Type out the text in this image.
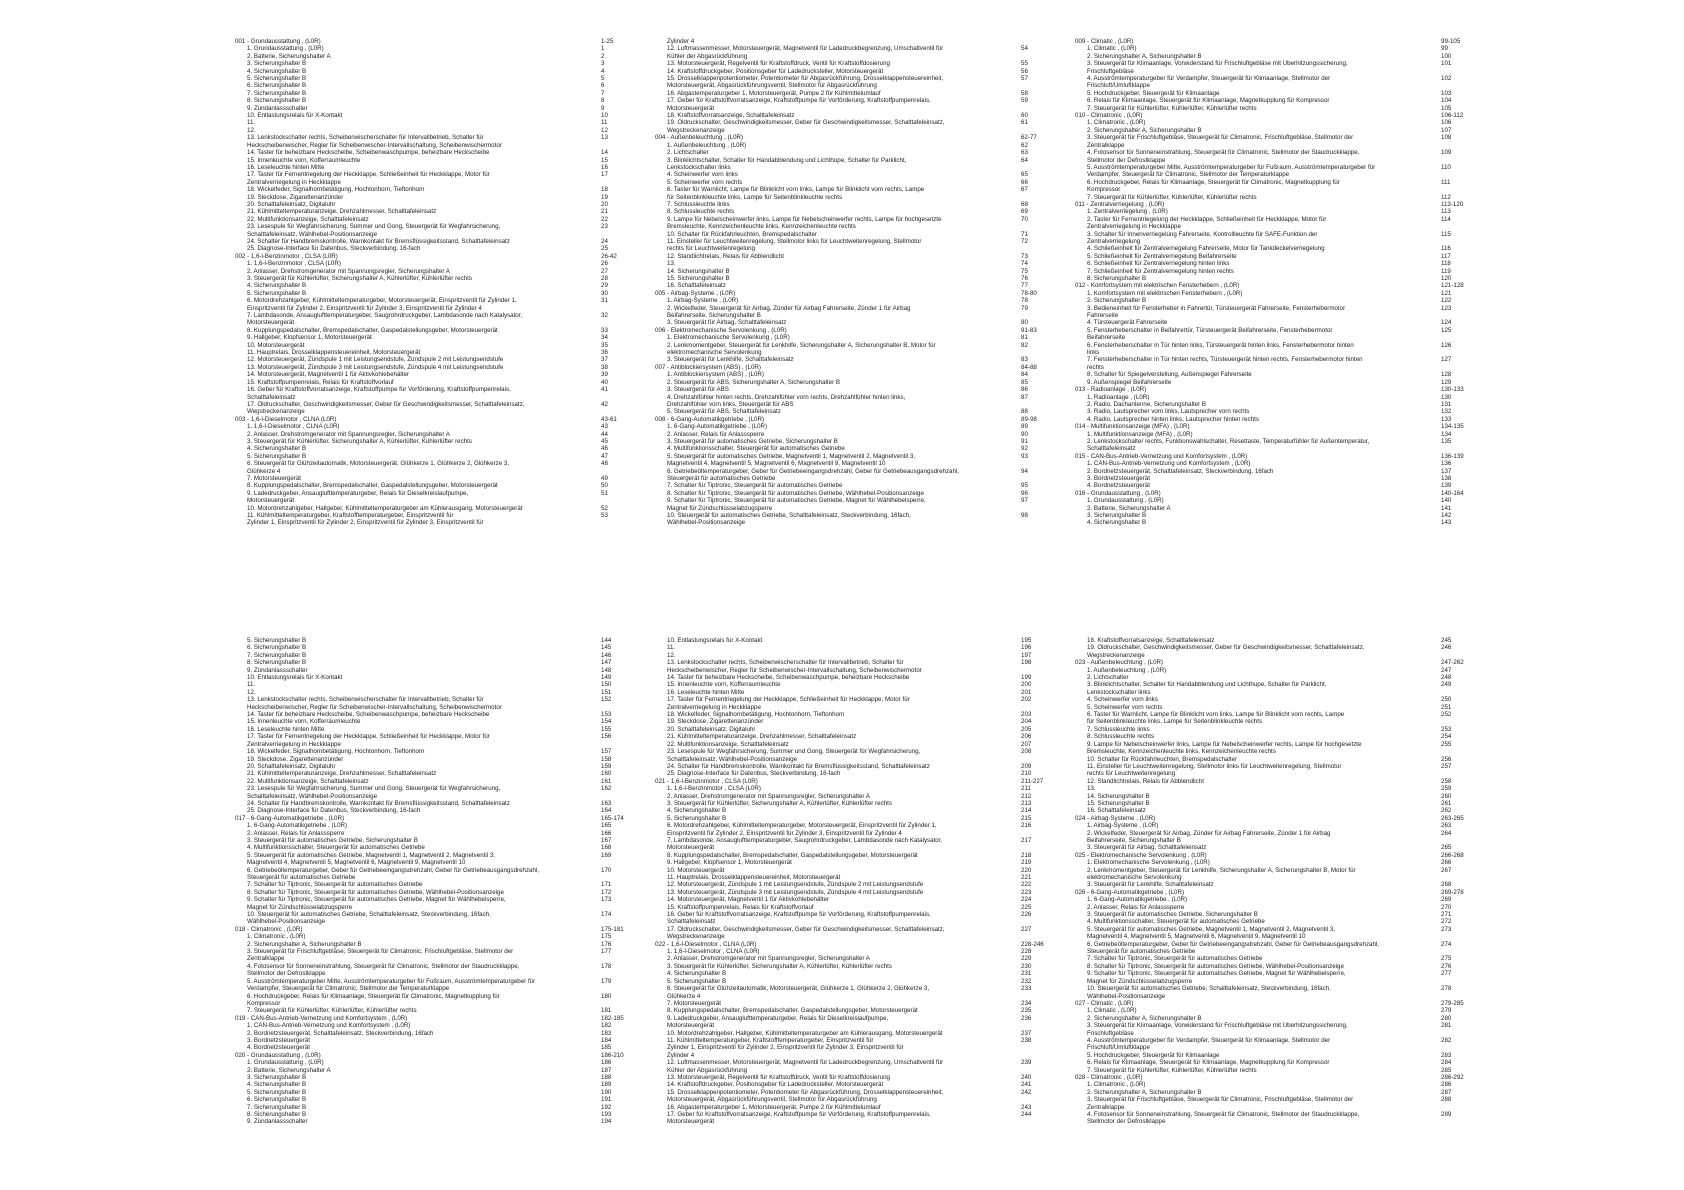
001 - Grundausstattung , (L0R)	1-25
1. Grundausstattung , (L0R)	1
2. Batterie, Sicherungshalter A	2
3. Sicherungshalter B	3
4. Sicherungshalter B	4
5. Sicherungshalter B	5
6. Sicherungshalter B	6
7. Sicherungshalter B	7
8. Sicherungshalter B	8
9. Zündanlassschalter	9
10. Entlastungsrelais für X-Kontakt	10
11.	11
12.	12
13. Lenkstockschalter rechts, Scheibenwischerschalter für Intervallbetrieb, Schalter für	13
Heckscheibenwischer, Regler für Scheibenwischer-Intervallschaltung, Scheibenwischermotor
14. Taster für beheizbare Heckscheibe, Scheibenwaschpumpe, beheizbare Heckscheibe	14
15. Innenleuchte vorn, Kofferraumleuchte	15
16. Leseleuchte hinten Mitte	16
17. Taster für Fernentriegelung der Heckklappe, Schließeinheit für Heckklappe, Motor für	17
Zentralverriegelung in Heckklappe
18. Wickelfeder, Signalhornbetätigung, Hochtonhorn, Tieftonhorn	18
19. Steckdose, Zigarettenanzünder	19
20. Schalttafeleinsatz, Digitaluhr	20
21. Kühlmitteltemperaturanzeige, Drehzahlmesser, Schalttafeleinsatz	21
22. Multifunktionsanzeige, Schalttafeleinsatz	22
23. Lesespule für Wegfahrsicherung, Summer und Gong, Steuergerät für Wegfahrsicherung,	23
Schalttafeleinsatz, Wählhebel-Positionsanzeige
24. Schalter für Handbremskontrolle, Warnkontakt für Bremsflüssigkeitsstand, Schalttafeleinsatz	24
25. Diagnose-Interface für Datenbus, Steckverbindung, 16-fach	25
002 - 1,6-l-Benzinmotor , CLSA (L0R)	26-42
1. 1,6-l-Benzinmotor , CLSA (L0R)	26
2. Anlasser, Drehstromgenerator mit Spannungsregler, Sicherungshalter A	27
3. Steuergerät für Kühlerlüfter, Sicherungshalter A, Kühlerlüfter, Kühlerlüfter rechts	28
4. Sicherungshalter B	29
5. Sicherungshalter B	30
6. Motordrehzahlgeber, Kühlmitteltemperaturgeber, Motorsteuergerät, Einspritzventil für Zylinder 1,	31
Einspritzventil für Zylinder 2, Einspritzventil für Zylinder 3, Einspritzventil für Zylinder 4
7. Lambdasonde, Ansauglufttemperaturgeber, Saugrohrdruckgeber, Lambdasonde nach Katalysator,	32
Motorsteuergerät
8. Kupplungspedalschalter, Bremspedalschalter, Gaspedalstellungsgeber, Motorsteuergerät	33
9. Hallgeber, Klopfsensor 1, Motorsteuergerät	34
10. Motorsteuergerät	35
11. Hauptrelais, Drosselklappensteuereinheit, Motorsteuergerät	36
12. Motorsteuergerät, Zündspule 1 mit Leistungsendstufe, Zündspule 2 mit Leistungsendstufe	37
13. Motorsteuergerät, Zündspule 3 mit Leistungsendstufe, Zündspule 4 mit Leistungsendstufe	38
14. Motorsteuergerät, Magnetventil 1 für Aktivkohlebehälter	39
15. Kraftstoffpumpenrelais, Relais für Kraftstoffvorlauf	40
16. Geber für Kraftstoffvorratsanzeige, Kraftstoffpumpe für Vorförderung, Kraftstoffpumpenrelais,	41
Schalttafeleinsatz
17. Öldruckschalter, Geschwindigkeitsmesser, Geber für Geschwindigkeitsmesser, Schalttafeleinsatz,	42
Wegstreckenanzeige
003 - 1,6-l-Dieselmotor , CLNA (L0R)	43-61
1. 1,6-l-Dieselmotor , CLNA (L0R)	43
2. Anlasser, Drehstromgenerator mit Spannungsregler, Sicherungshalter A	44
3. Steuergerät für Kühlerlüfter, Sicherungshalter A, Kühlerlüfter, Kühlerlüfter rechts	45
4. Sicherungshalter B	46
5. Sicherungshalter B	47
6. Steuergerät für Glühzeitautomatik, Motorsteuergerät, Glühkerze 1, Glühkerze 2, Glühkerze 3,	48
Glühkerze 4
7. Motorsteuergerät	49
8. Kupplungspedalschalter, Bremspedalschalter, Gaspedalstellungsgeber, Motorsteuergerät	50
9. Ladedruckgeber, Ansauglufttemperaturgeber, Relais für Dieselkreislaufpumpe,	51
Motorsteuergerät
10. Motordrehzahlgeber, Hallgeber, Kühlmitteltemperaturgeber am Kühlerausgang, Motorsteuergerät	52
11. Kühlmitteltemperaturgeber, Kraftstofftemperaturgeber, Einspritzventil für	53
Zylinder 1, Einspritzventil für Zylinder 2, Einspritzventil für Zylinder 3, Einspritzventil für
Zylinder 4
12. Luftmassenmesser, Motorsteuergerät, Magnetventil für Ladedruckbegrenzung, Umschaltventil für	54
Kühler der Abgasrückführung
13. Motorsteuergerät, Regelventil für Kraftstoffdruck, Ventil für Kraftstoffdosierung	55
14. Kraftstoffdruckgeber, Positionsgeber für Ladedrucksteller, Motorsteuergerät	56
15. Drosselklappenpotentiometer, Potentiometer für Abgasrückführung, Drosselklappensteuereinheit,	57
Motorsteuergerät, Abgasrückführungsventil, Stellmotor für Abgasrückführung
16. Abgastemperaturgeber 1, Motorsteuergerät, Pumpe 2 für Kühlmittelumlauf	58
17. Geber für Kraftstoffvorratsanzeige, Kraftstoffpumpe für Vorförderung, Kraftstoffpumpenrelais,	59
Motorsteuergerät
18. Kraftstoffvorratsanzeige, Schalttafeleinsatz	60
19. Öldruckschalter, Geschwindigkeitsmesser, Geber für Geschwindigkeitsmesser, Schalttafeleinsatz,	61
Wegstreckenanzeige
004 - Außenbeleuchtung , (L0R)	62-77
1. Außenbeleuchtung , (L0R)	62
2. Lichtschalter	63
3. Blinklichtschalter, Schalter für Handabblendung und Lichthupe, Schalter für Parklicht,	64
Lenkstockschalter links
4. Scheinwerfer vorn links	65
5. Scheinwerfer vorn rechts	66
6. Taster für Warnlicht, Lampe für Blinklicht vorn links, Lampe für Blinklicht vorn rechts, Lampe	67
für Seitenblinkleuchte links, Lampe für Seitenblinkleuchte rechts
7. Schlussleuchte links	68
8. Schlussleuchte rechts	69
9. Lampe für Nebelscheinwerfer links, Lampe für Nebelscheinwerfer rechts, Lampe für hochgesetzte	70
Bremsleuchte, Kennzeichenleuchte links, Kennzeichenleuchte rechts
10. Schalter für Rückfahrleuchten, Bremspedalschalter	71
11. Einsteller für Leuchtweitenregelung, Stellmotor links für Leuchtweitenregelung, Stellmotor	72
rechts für Leuchtweitenregelung
12. Standlichtrelais, Relais für Abblendlicht	73
13.	74
14. Sicherungshalter B	75
15. Sicherungshalter B	76
16. Schalttafeleinsatz	77
005 - Airbag-Systeme , (L0R)	78-80
1. Airbag-Systeme , (L0R)	78
2. Wickelfeder, Steuergerät für Airbag, Zünder für Airbag Fahrerseite, Zünder 1 für Airbag	79
Beifahrerseite, Sicherungshalter B
3. Steuergerät für Airbag, Schalttafeleinsatz	80
006 - Elektromechanische Servolenkung , (L0R)	81-83
1. Elektromechanische Servolenkung , (L0R)	81
2. Lenkmomentgeber, Steuergerät für Lenkhilfe, Sicherungshalter A, Sicherungshalter B, Motor für	82
elektromechanische Servolenkung
3. Steuergerät für Lenkhilfe, Schalttafeleinsatz	83
007 - Antiblockiersystem (ABS) , (L0R)	84-88
1. Antiblockiersystem (ABS) , (L0R)	84
2. Steuergerät für ABS, Sicherungshalter A, Sicherungshalter B	85
3. Steuergerät für ABS	86
4. Drehzahlfühler hinten rechts, Drehzahlfühler vorn rechts, Drehzahlfühler hinten links,	87
Drehzahlfühler vorn links, Steuergerät für ABS
5. Steuergerät für ABS, Schalttafeleinsatz	88
008 - 6-Gang-Automatikgetriebe , (L0R)	89-98
1. 6-Gang-Automatikgetriebe , (L0R)	89
2. Anlasser, Relais für Anlasssperre	90
3. Steuergerät für automatisches Getriebe, Sicherungshalter B	91
4. Multifunktionsschalter, Steuergerät für automatisches Getriebe	92
5. Steuergerät für automatisches Getriebe, Magnetventil 1, Magnetventil 2, Magnetventil 3,	93
Magnetventil 4, Magnetventil 5, Magnetventil 6, Magnetventil 9, Magnetventil 10
6. Getriebeöltemperaturgeber, Geber für Getriebeeingangsdrehzahl, Geber für Getriebeausgangsdrehzahl,	94
Steuergerät für automatisches Getriebe
7. Schalter für Tiptronic, Steuergerät für automatisches Getriebe	95
8. Schalter für Tiptronic, Steuergerät für automatisches Getriebe, Wählhebel-Positionsanzeige	96
9. Schalter für Tiptronic, Steuergerät für automatisches Getriebe, Magnet für Wählhebelsperre,	97
Magnet für Zündschlüsselabzugsperre
10. Steuergerät für automatisches Getriebe, Schalttafeleinsatz, Steckverbindung, 16fach,	98
Wählhebel-Positionsanzeige
009 - Climatic , (L0R)	99-105
1. Climatic , (L0R)	99
2. Sicherungshalter A, Sicherungshalter B	100
3. Steuergerät für Klimaanlage, Vorwiderstand für Frischluftgebläse mit Überhitzungssicherung,	101
Frischluftgebläse
4. Ausströmtemperaturgeber für Verdampfer, Steuergerät für Klimaanlage, Stellmotor der	102
Frischluft/Umluftklappe
5. Hochdruckgeber, Steuergerät für Klimaanlage	103
6. Relais für Klimaanlage, Steuergerät für Klimaanlage, Magnetkupplung für Kompressor	104
7. Steuergerät für Kühlerlüfter, Kühlerlüfter, Kühlerlüfter rechts	105
010 - Climatronic , (L0R)	106-112
1. Climatronic , (L0R)	106
2. Sicherungshalter A, Sicherungshalter B	107
3. Steuergerät für Frischluftgebläse, Steuergerät für Climatronic, Frischluftgebläse, Stellmotor der	108
Zentralklappe
4. Fotosensor für Sonneneinstrahlung, Steuergerät für Climatronic, Stellmotor der Staudruckklappe,	109
Stellmotor der Defrostklappe
5. Ausströmtemperaturgeber Mitte, Ausströmtemperaturgeber für Fußraum, Ausströmtemperaturgeber für	110
Verdampfer, Steuergerät für Climatronic, Stellmotor der Temperaturklappe
6. Hochdruckgeber, Relais für Klimaanlage, Steuergerät für Climatronic, Magnetkupplung für	111
Kompressor
7. Steuergerät für Kühlerlüfter, Kühlerlüfter, Kühlerlüfter rechts	112
011 - Zentralverriegelung , (L0R)	113-120
1. Zentralverriegelung , (L0R)	113
2. Taster für Fernentriegelung der Heckklappe, Schließeinheit für Heckklappe, Motor für	114
Zentralverriegelung in Heckklappe
3. Schalter für Innenverriegelung Fahrerseite, Kontrollleuchte für SAFE-Funktion der	115
Zentralverriegelung
4. Schließeinheit für Zentralverriegelung Fahrerseite, Motor für Tankdeckelverriegelung	116
5. Schließeinheit für Zentralverriegelung Beifahrerseite	117
6. Schließeinheit für Zentralverriegelung hinten links	118
7. Schließeinheit für Zentralverriegelung hinten rechts	119
8. Sicherungshalter B	120
012 - Komfortsystem mit elektrischen Fensterhebern , (L0R)	121-128
1. Komfortsystem mit elektrischen Fensterhebern , (L0R)	121
2. Sicherungshalter B	122
3. Bedieneinheit für Fensterheber in Fahrertür, Türsteuergerät Fahrerseite, Fensterhebermotor	123
Fahrerseite
4. Türsteuergerät Fahrerseite	124
5. Fensterheberschalter in Beifahrertür, Türsteuergerät Beifahrerseite, Fensterhebermotor	125
Beifahrerseite
6. Fensterheberschalter in Tür hinten links, Türsteuergerät hinten links, Fensterhebermotor hinten	126
links
7. Fensterheberschalter in Tür hinten rechts, Türsteuergerät hinten rechts, Fensterhebermotor hinten	127
rechts
8. Schalter für Spiegelverstellung, Außenspiegel Fahrerseite	128
9. Außenspiegel Beifahrerseite	129
013 - Radioanlage , (L0R)	130-133
1. Radioanlage , (L0R)	130
2. Radio, Dachantenne, Sicherungshalter B	131
3. Radio, Lautsprecher vorn links, Lautsprecher vorn rechts	132
4. Radio, Lautsprecher hinten links, Lautsprecher hinten rechts	133
014 - Multifunktionsanzeige (MFA) , (L0R)	134-135
1. Multifunktionsanzeige (MFA) , (L0R)	134
2. Lenkstockschalter rechts, Funktionswahlschalter, Resettaste, Temperaturfühler für Außentemperatur,	135
Schalttafeleinsatz
015 - CAN-Bus-Antrieb-Vernetzung und Komfortsystem , (L0R)	136-139
1. CAN-Bus-Antrieb-Vernetzung und Komfortsystem , (L0R)	136
2. Bordnetzsteuergerät, Schalttafeleinsatz, Steckverbindung, 16fach	137
3. Bordnetzsteuergerät	138
4. Bordnetzsteuergerät	139
016 - Grundausstattung , (L0R)	140-164
1. Grundausstattung , (L0R)	140
2. Batterie, Sicherungshalter A	141
3. Sicherungshalter B	142
4. Sicherungshalter B	143
5. Sicherungshalter B	144
6. Sicherungshalter B	145
7. Sicherungshalter B	146
8. Sicherungshalter B	147
9. Zündanlassschalter	148
10. Entlastungsrelais für X-Kontakt	149
11.	150
12.	151
13. Lenkstockschalter rechts, Scheibenwischerschalter für Intervallbetrieb, Schalter für	152
Heckscheibenwischer, Regler für Scheibenwischer-Intervallschaltung, Scheibenwischermotor
14. Taster für beheizbare Heckscheibe, Scheibenwaschpumpe, beheizbare Heckscheibe	153
15. Innenleuchte vorn, Kofferraumleuchte	154
16. Leseleuchte hinten Mitte	155
17. Taster für Fernentriegelung der Heckklappe, Schließeinheit für Heckklappe, Motor für	156
Zentralverriegelung in Heckklappe
18. Wickelfeder, Signalhornbetätigung, Hochtonhorn, Tieftonhorn	157
19. Steckdose, Zigarettenanzünder	158
20. Schalttafeleinsatz, Digitaluhr	159
21. Kühlmitteltemperaturanzeige, Drehzahlmesser, Schalttafeleinsatz	160
22. Multifunktionsanzeige, Schalttafeleinsatz	161
23. Lesespule für Wegfahrsicherung, Summer und Gong, Steuergerät für Wegfahrsicherung,	162
Schalttafeleinsatz, Wählhebel-Positionsanzeige
24. Schalter für Handbremskontrolle, Warnkontakt für Bremsflüssigkeitsstand, Schalttafeleinsatz	163
25. Diagnose-Interface für Datenbus, Steckverbindung, 16-fach	164
017 - 6-Gang-Automatikgetriebe , (L0R)	165-174
1. 6-Gang-Automatikgetriebe , (L0R)	165
2. Anlasser, Relais für Anlasssperre	166
3. Steuergerät für automatisches Getriebe, Sicherungshalter B	167
4. Multifunktionsschalter, Steuergerät für automatisches Getriebe	168
5. Steuergerät für automatisches Getriebe, Magnetventil 1, Magnetventil 2, Magnetventil 3,	169
Magnetventil 4, Magnetventil 5, Magnetventil 6, Magnetventil 9, Magnetventil 10
6. Getriebeöltemperaturgeber, Geber für Getriebeeingangsdrehzahl, Geber für Getriebeausgangsdrehzahl,	170
Steuergerät für automatisches Getriebe
7. Schalter für Tiptronic, Steuergerät für automatisches Getriebe	171
8. Schalter für Tiptronic, Steuergerät für automatisches Getriebe, Wählhebel-Positionsanzeige	172
9. Schalter für Tiptronic, Steuergerät für automatisches Getriebe, Magnet für Wählhebelsperre,	173
Magnet für Zündschlüsselabzugsperre
10. Steuergerät für automatisches Getriebe, Schalttafeleinsatz, Steckverbindung, 16fach,	174
Wählhebel-Positionsanzeige
018 - Climatronic , (L0R)	175-181
1. Climatronic , (L0R)	175
2. Sicherungshalter A, Sicherungshalter B	176
3. Steuergerät für Frischluftgebläse, Steuergerät für Climatronic, Frischluftgebläse, Stellmotor der	177
Zentralklappe
4. Fotosensor für Sonneneinstrahlung, Steuergerät für Climatronic, Stellmotor der Staudruckklappe,	178
Stellmotor der Defrostklappe
5. Ausströmtemperaturgeber Mitte, Ausströmtemperaturgeber für Fußraum, Ausströmtemperaturgeber für	179
Verdampfer, Steuergerät für Climatronic, Stellmotor der Temperaturklappe
6. Hochdruckgeber, Relais für Klimaanlage, Steuergerät für Climatronic, Magnetkupplung für	180
Kompressor
7. Steuergerät für Kühlerlüfter, Kühlerlüfter, Kühlerlüfter rechts	181
019 - CAN-Bus-Antrieb-Vernetzung und Komfortsystem , (L0R)	182-185
1. CAN-Bus-Antrieb-Vernetzung und Komfortsystem , (L0R)	182
2. Bordnetzsteuergerät, Schalttafeleinsatz, Steckverbindung, 16fach	183
3. Bordnetzsteuergerät	184
4. Bordnetzsteuergerät	185
020 - Grundausstattung , (L0R)	186-210
1. Grundausstattung , (L0R)	186
2. Batterie, Sicherungshalter A	187
3. Sicherungshalter B	188
4. Sicherungshalter B	189
5. Sicherungshalter B	190
6. Sicherungshalter B	191
7. Sicherungshalter B	192
8. Sicherungshalter B	193
9. Zündanlassschalter	194
10. Entlastungsrelais für X-Kontakt	195
11.	196
12.	197
13. Lenkstockschalter rechts, Scheibenwischerschalter für Intervallbetrieb, Schalter für	198
Heckscheibenwischer, Regler für Scheibenwischer-Intervallschaltung, Scheibenwischermotor
14. Taster für beheizbare Heckscheibe, Scheibenwaschpumpe, beheizbare Heckscheibe	199
15. Innenleuchte vorn, Kofferraumleuchte	200
16. Leseleuchte hinten Mitte	201
17. Taster für Fernentriegelung der Heckklappe, Schließeinheit für Heckklappe, Motor für	202
Zentralverriegelung in Heckklappe
18. Wickelfeder, Signalhornbetätigung, Hochtonhorn, Tieftonhorn	203
19. Steckdose, Zigarettenanzünder	204
20. Schalttafeleinsatz, Digitaluhr	205
21. Kühlmitteltemperaturanzeige, Drehzahlmesser, Schalttafeleinsatz	206
22. Multifunktionsanzeige, Schalttafeleinsatz	207
23. Lesespule für Wegfahrsicherung, Summer und Gong, Steuergerät für Wegfahrsicherung,	208
Schalttafeleinsatz, Wählhebel-Positionsanzeige
24. Schalter für Handbremskontrolle, Warnkontakt für Bremsflüssigkeitsstand, Schalttafeleinsatz	209
25. Diagnose-Interface für Datenbus, Steckverbindung, 16-fach	210
021 - 1,6-l-Benzinmotor , CLSA (L0R)	211-227
1. 1,6-l-Benzinmotor , CLSA (L0R)	211
2. Anlasser, Drehstromgenerator mit Spannungsregler, Sicherungshalter A	212
3. Steuergerät für Kühlerlüfter, Sicherungshalter A, Kühlerlüfter, Kühlerlüfter rechts	213
4. Sicherungshalter B	214
5. Sicherungshalter B	215
6. Motordrehzahlgeber, Kühlmitteltemperaturgeber, Motorsteuergerät, Einspritzventil für Zylinder 1,	216
Einspritzventil für Zylinder 2, Einspritzventil für Zylinder 3, Einspritzventil für Zylinder 4
7. Lambdasonde, Ansauglufttemperaturgeber, Saugrohrdruckgeber, Lambdasonde nach Katalysator,	217
Motorsteuergerät
8. Kupplungspedalschalter, Bremspedalschalter, Gaspedalstellungsgeber, Motorsteuergerät	218
9. Hallgeber, Klopfsensor 1, Motorsteuergerät	219
10. Motorsteuergerät	220
11. Hauptrelais, Drosselklappensteuereinheit, Motorsteuergerät	221
12. Motorsteuergerät, Zündspule 1 mit Leistungsendstufe, Zündspule 2 mit Leistungsendstufe	222
13. Motorsteuergerät, Zündspule 3 mit Leistungsendstufe, Zündspule 4 mit Leistungsendstufe	223
14. Motorsteuergerät, Magnetventil 1 für Aktivkohlebehälter	224
15. Kraftstoffpumpenrelais, Relais für Kraftstoffvorlauf	225
16. Geber für Kraftstoffvorratsanzeige, Kraftstoffpumpe für Vorförderung, Kraftstoffpumpenrelais,	226
Schalttafeleinsatz
17. Öldruckschalter, Geschwindigkeitsmesser, Geber für Geschwindigkeitsmesser, Schalttafeleinsatz,	227
Wegstreckenanzeige
022 - 1,6-l-Dieselmotor , CLNA (L0R)	228-246
1. 1,6-l-Dieselmotor , CLNA (L0R)	228
2. Anlasser, Drehstromgenerator mit Spannungsregler, Sicherungshalter A	229
3. Steuergerät für Kühlerlüfter, Sicherungshalter A, Kühlerlüfter, Kühlerlüfter rechts	230
4. Sicherungshalter B	231
5. Sicherungshalter B	232
6. Steuergerät für Glühzeitautomatik, Motorsteuergerät, Glühkerze 1, Glühkerze 2, Glühkerze 3,	233
Glühkerze 4
7. Motorsteuergerät	234
8. Kupplungspedalschalter, Bremspedalschalter, Gaspedalstellungsgeber, Motorsteuergerät	235
9. Ladedruckgeber, Ansauglufttemperaturgeber, Relais für Dieselkreislaufpumpe,	236
Motorsteuergerät
10. Motordrehzahlgeber, Hallgeber, Kühlmitteltemperaturgeber am Kühlerausgang, Motorsteuergerät	237
11. Kühlmitteltemperaturgeber, Kraftstofftemperaturgeber, Einspritzventil für	238
Zylinder 1, Einspritzventil für Zylinder 2, Einspritzventil für Zylinder 3, Einspritzventil für
Zylinder 4
12. Luftmassenmesser, Motorsteuergerät, Magnetventil für Ladedruckbegrenzung, Umschaltventil für	239
Kühler der Abgasrückführung
13. Motorsteuergerät, Regelventil für Kraftstoffdruck, Ventil für Kraftstoffdosierung	240
14. Kraftstoffdruckgeber, Positionsgeber für Ladedrucksteller, Motorsteuergerät	241
15. Drosselklappenpotentiometer, Potentiometer für Abgasrückführung, Drosselklappensteuereinheit,	242
Motorsteuergerät, Abgasrückführungsventil, Stellmotor für Abgasrückführung
16. Abgastemperaturgeber 1, Motorsteuergerät, Pumpe 2 für Kühlmittelumlauf	243
17. Geber für Kraftstoffvorratsanzeige, Kraftstoffpumpe für Vorförderung, Kraftstoffpumpenrelais,	244
Motorsteuergerät
18. Kraftstoffvorratsanzeige, Schalttafeleinsatz	245
19. Öldruckschalter, Geschwindigkeitsmesser, Geber für Geschwindigkeitsmesser, Schalttafeleinsatz,	246
Wegstreckenanzeige
023 - Außenbeleuchtung , (L0R)	247-262
1. Außenbeleuchtung , (L0R)	247
2. Lichtschalter	248
3. Blinklichtschalter, Schalter für Handabblendung und Lichthupe, Schalter für Parklicht,	249
Lenkstockschalter links
4. Scheinwerfer vorn links	250
5. Scheinwerfer vorn rechts	251
6. Taster für Warnlicht, Lampe für Blinklicht vorn links, Lampe für Blinklicht vorn rechts, Lampe	252
für Seitenblinkleuchte links, Lampe für Seitenblinkleuchte rechts
7. Schlussleuchte links	253
8. Schlussleuchte rechts	254
9. Lampe für Nebelscheinwerfer links, Lampe für Nebelscheinwerfer rechts, Lampe für hochgesetzte	255
Bremsleuchte, Kennzeichenleuchte links, Kennzeichenleuchte rechts
10. Schalter für Rückfahrleuchten, Bremspedalschalter	256
11. Einsteller für Leuchtweitenregelung, Stellmotor links für Leuchtweitenregelung, Stellmotor	257
rechts für Leuchtweitenregelung
12. Standlichtrelais, Relais für Abblendlicht	258
13.	259
14. Sicherungshalter B	260
15. Sicherungshalter B	261
16. Schalttafeleinsatz	262
024 - Airbag-Systeme , (L0R)	263-265
1. Airbag-Systeme , (L0R)	263
2. Wickelfeder, Steuergerät für Airbag, Zünder für Airbag Fahrerseite, Zünder 1 für Airbag	264
Beifahrerseite, Sicherungshalter B
3. Steuergerät für Airbag, Schalttafeleinsatz	265
025 - Elektromechanische Servolenkung , (L0R)	266-268
1. Elektromechanische Servolenkung , (L0R)	266
2. Lenkmomentgeber, Steuergerät für Lenkhilfe, Sicherungshalter A, Sicherungshalter B, Motor für	267
elektromechanische Servolenkung
3. Steuergerät für Lenkhilfe, Schalttafeleinsatz	268
026 - 6-Gang-Automatikgetriebe , (L0R)	269-278
1. 6-Gang-Automatikgetriebe , (L0R)	269
2. Anlasser, Relais für Anlasssperre	270
3. Steuergerät für automatisches Getriebe, Sicherungshalter B	271
4. Multifunktionsschalter, Steuergerät für automatisches Getriebe	272
5. Steuergerät für automatisches Getriebe, Magnetventil 1, Magnetventil 2, Magnetventil 3,	273
Magnetventil 4, Magnetventil 5, Magnetventil 6, Magnetventil 9, Magnetventil 10
6. Getriebeöltemperaturgeber, Geber für Getriebeeingangsdrehzahl, Geber für Getriebeausgangsdrehzahl,	274
Steuergerät für automatisches Getriebe
7. Schalter für Tiptronic, Steuergerät für automatisches Getriebe	275
8. Schalter für Tiptronic, Steuergerät für automatisches Getriebe, Wählhebel-Positionsanzeige	276
9. Schalter für Tiptronic, Steuergerät für automatisches Getriebe, Magnet für Wählhebelsperre,	277
Magnet für Zündschlüsselabzugsperre
10. Steuergerät für automatisches Getriebe, Schalttafeleinsatz, Steckverbindung, 16fach,	278
Wählhebel-Positionsanzeige
027 - Climatic , (L0R)	279-285
1. Climatic , (L0R)	279
2. Sicherungshalter A, Sicherungshalter B	280
3. Steuergerät für Klimaanlage, Vorwiderstand für Frischluftgebläse mit Überhitzungssicherung,	281
Frischluftgebläse
4. Ausströmtemperaturgeber für Verdampfer, Steuergerät für Klimaanlage, Stellmotor der	282
Frischluft/Umluftklappe
5. Hochdruckgeber, Steuergerät für Klimaanlage	283
6. Relais für Klimaanlage, Steuergerät für Klimaanlage, Magnetkupplung für Kompressor	284
7. Steuergerät für Kühlerlüfter, Kühlerlüfter, Kühlerlüfter rechts	285
028 - Climatronic , (L0R)	286-292
1. Climatronic , (L0R)	286
2. Sicherungshalter A, Sicherungshalter B	287
3. Steuergerät für Frischluftgebläse, Steuergerät für Climatronic, Frischluftgebläse, Stellmotor der	288
Zentralklappe
4. Fotosensor für Sonneneinstrahlung, Steuergerät für Climatronic, Stellmotor der Staudruckklappe,	289
Stellmotor der Defrostklappe
